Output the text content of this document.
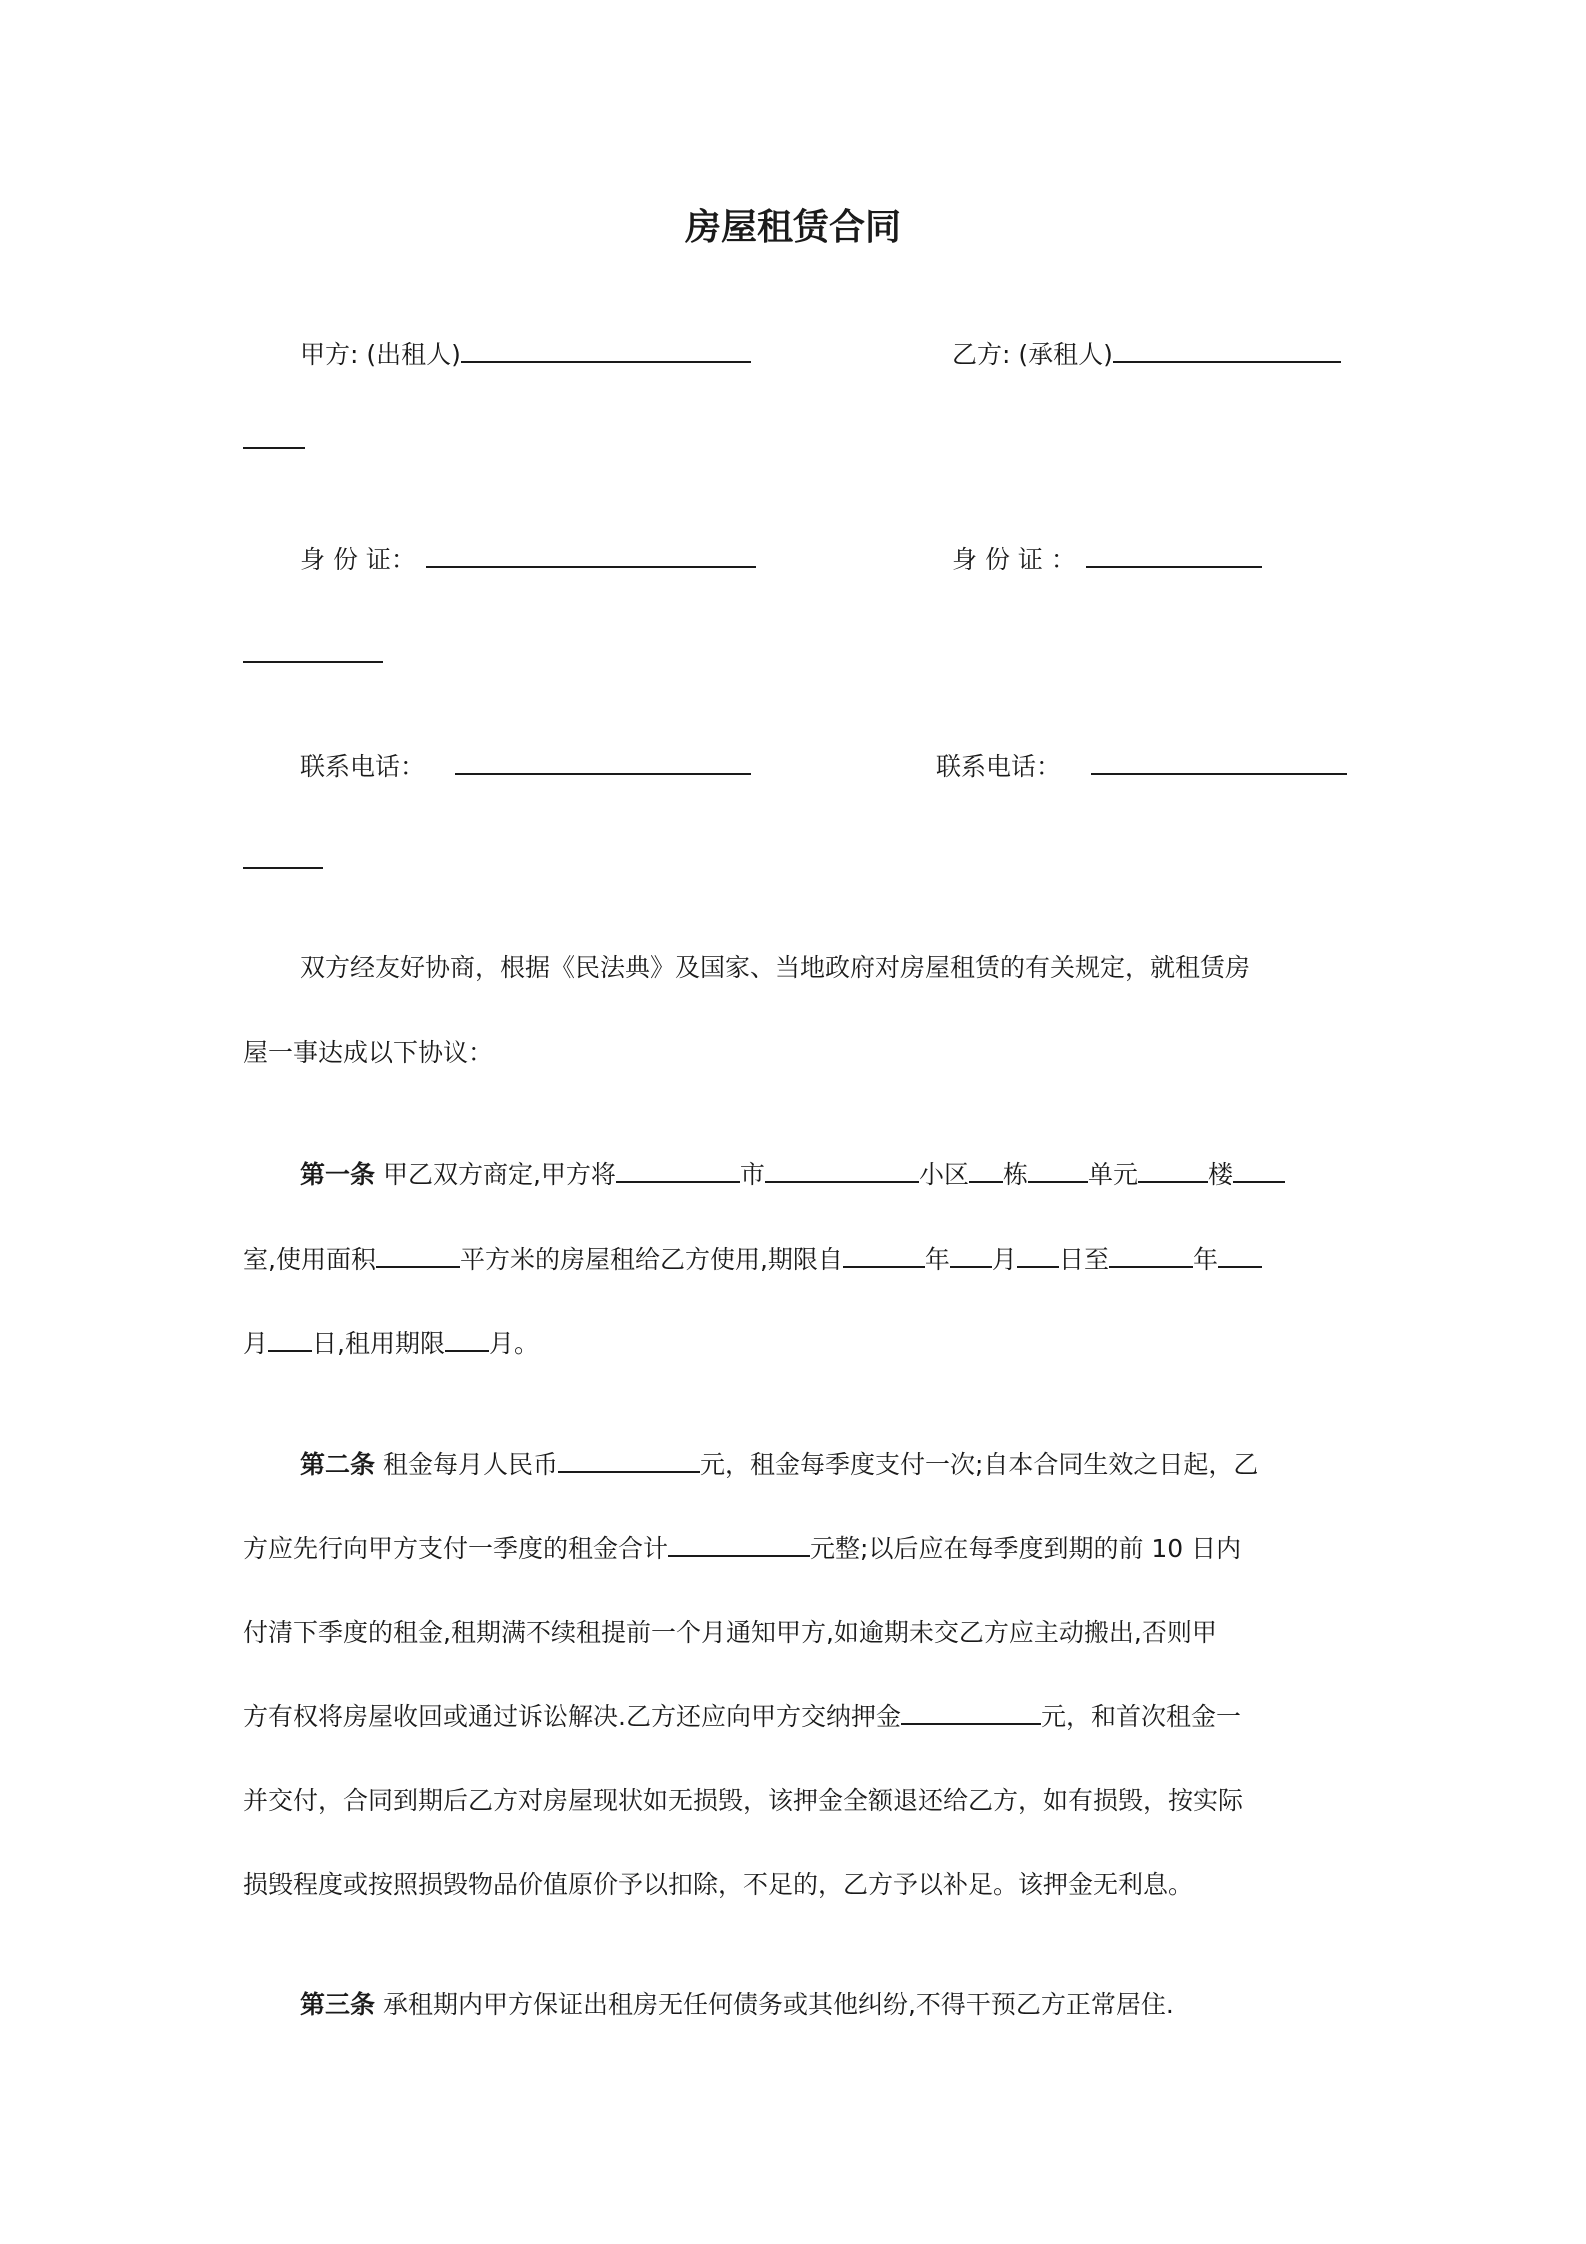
房屋租赁合同
甲方: (出租人)	乙方: (承租人)
身 份 证：	身 份 证 ：
联系电话：	联系电话：
双方经友好协商，根据《民法典》及国家、当地政府对房屋租赁的有关规定，就租赁房
屋一事达成以下协议：
第一条 甲乙双方商定,甲方将	市	小区 栋 单元	楼
室,使用面积	平方米的房屋租给乙方使用,期限自	年 月 日至	年
月 日,租用期限 月。
第二条 租金每月人民币	元，租金每季度支付一次;自本合同生效之日起，乙
方应先行向甲方支付一季度的租金合计	元整;以后应在每季度到期的前 10 日内
付清下季度的租金,租期满不续租提前一个月通知甲方,如逾期未交乙方应主动搬出,否则甲
方有权将房屋收回或通过诉讼解决.乙方还应向甲方交纳押金	元，和首次租金一
并交付，合同到期后乙方对房屋现状如无损毁，该押金全额退还给乙方，如有损毁，按实际
损毁程度或按照损毁物品价值原价予以扣除，不足的，乙方予以补足。该押金无利息。
第三条 承租期内甲方保证出租房无任何债务或其他纠纷,不得干预乙方正常居住.
